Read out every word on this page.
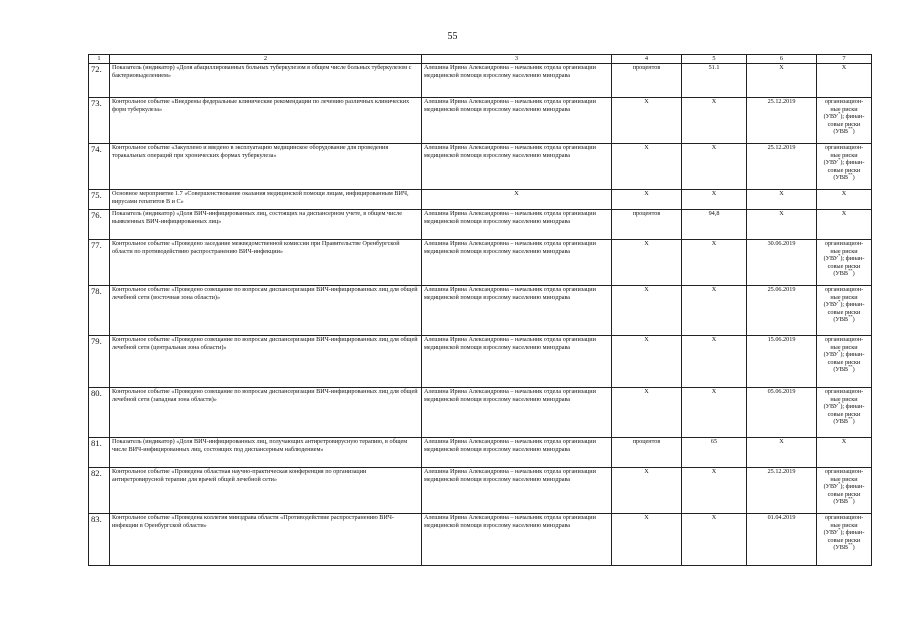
55
1	2	3	4	5	6	7
72.	Показатель (индикатор) «Доля абациллированных больных туберкулезом в общем числе больных туберкулезом с бактериовыделением»	Алешина Ирина Александровна – начальник отдела организации медицинской помощи взрослому населению минздрава	процентов	51.1	X	X
73.	Контрольное событие «Внедрены федеральные клинические рекомендации по лечению различных клинических форм туберкулеза»	Алешина Ирина Александровна – начальник отдела организации медицинской помощи взрослому населению минздрава	X	X	25.12.2019	организацион-
ные риски
(УВУ*); финан-
совые риски
(УВВ**)

74.	Контрольное событие «Закуплено и введено в эксплуатацию медицинское оборудование для проведения торакальных операций при хронических формах туберкулеза»	Алешина Ирина Александровна – начальник отдела организации медицинской помощи взрослому населению минздрава	X	X	25.12.2019	организацион-
ные риски
(УВУ*); финан-
совые риски
(УВВ**)

75.	Основное мероприятие 1.7 «Совершенствование оказания медицинской помощи лицам, инфицированным ВИЧ, вирусами гепатитов В и С»	X	X	X	X	X
76.	Показатель (индикатор) «Доля ВИЧ-инфицированных лиц, состоящих на диспансерном учете, в общем числе выявленных ВИЧ-инфицированных лиц»	Алешина Ирина Александровна – начальник отдела организации медицинской помощи взрослому населению минздрава	процентов	94,8	X	X
77.	Контрольное событие «Проведено заседание межведомственной комиссии при Правительстве Оренбургской области по противодействию распространению ВИЧ-инфекции»	Алешина Ирина Александровна – начальник отдела организации медицинской помощи взрослому населению минздрава	X	X	30.06.2019	организацион-
ные риски
(УВУ*); финан-
совые риски
(УВВ**)

78.	Контрольное событие «Проведено совещание по вопросам диспансеризации ВИЧ-инфицированных лиц для общей лечебной сети (восточная зона области)»	Алешина Ирина Александровна – начальник отдела организации медицинской помощи взрослому населению минздрава	X	X	25.06.2019	организацион-
ные риски
(УВУ*); финан-
совые риски
(УВВ**)

79.	Контрольное событие «Проведено совещание по вопросам диспансеризации ВИЧ-инфицированных лиц для общей лечебной сети (центральная зона области)»	Алешина Ирина Александровна – начальник отдела организации медицинской помощи взрослому населению минздрава	X	X	15.06.2019	организацион-
ные риски
(УВУ*); финан-
совые риски
(УВВ**)

80.	Контрольное событие «Проведено совещание по вопросам диспансеризации ВИЧ-инфицированных лиц для общей лечебной сети (западная зона области)»	Алешина Ирина Александровна – начальник отдела организации медицинской помощи взрослому населению минздрава	X	X	05.06.2019	организацион-
ные риски
(УВУ*); финан-
совые риски
(УВВ**)

81.	Показатель (индикатор) «Доля ВИЧ-инфицированных лиц, получающих антиретровирусную терапию, в общем числе ВИЧ-инфицированных лиц, состоящих под диспансерным наблюдением»	Алешина Ирина Александровна – начальник отдела организации медицинской помощи взрослому населению минздрава	процентов	65	X	X
82.	Контрольное событие «Проведена областная научно-практическая конференция по организации антиретровирусной терапии для врачей общей лечебной сети»	Алешина Ирина Александровна – начальник отдела организации медицинской помощи взрослому населению минздрава	X	X	25.12.2019	организацион-
ные риски
(УВУ*); финан-
совые риски
(УВВ**)

83.	Контрольное событие «Проведена коллегия минздрава области «Противодействие распространению ВИЧ-инфекции в Оренбургской области»	Алешина Ирина Александровна – начальник отдела организации медицинской помощи взрослому населению минздрава	X	X	01.04.2019	организацион-
ные риски
(УВУ*); финан-
совые риски
(УВВ**)
